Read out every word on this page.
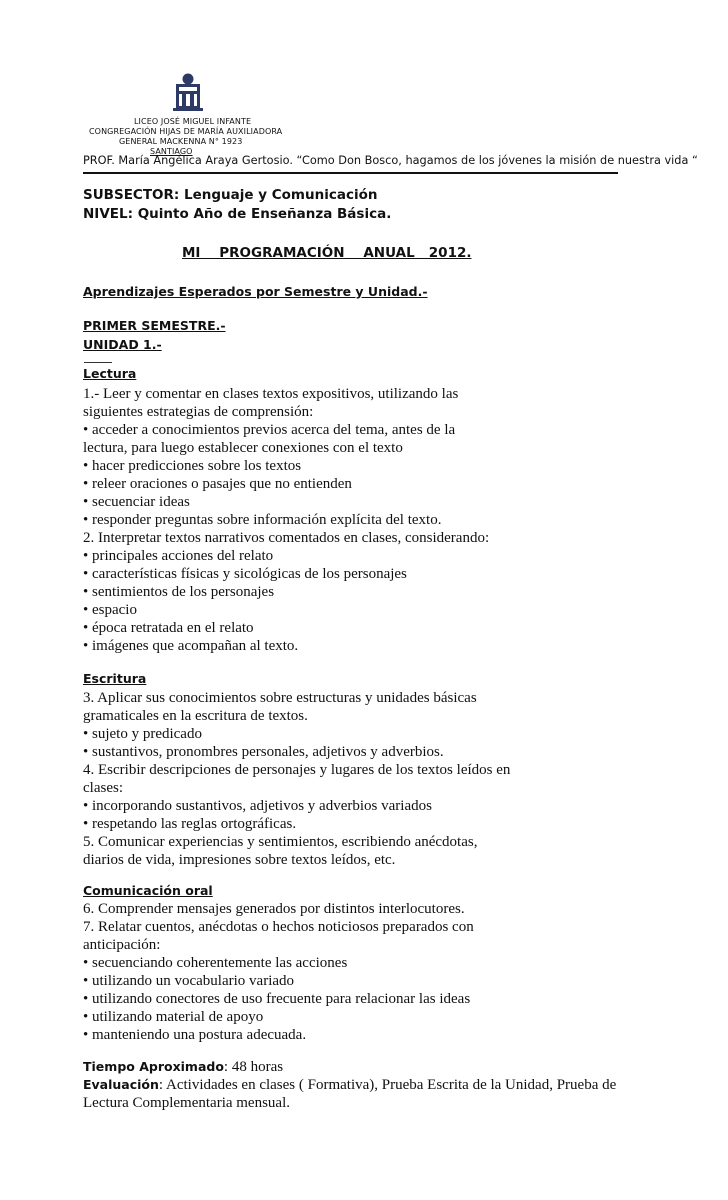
LICEO JOSÉ MIGUEL INFANTE
CONGREGACIÓN HIJAS DE MARÍA AUXILIADORA
GENERAL MACKENNA N° 1923
SANTIAGO
PROF. María Angélica Araya Gertosio. “Como Don Bosco, hagamos de los jóvenes la misión de nuestra vida “
SUBSECTOR: Lenguaje y Comunicación
NIVEL: Quinto Año de Enseñanza Básica.
MI    PROGRAMACIÓN    ANUAL   2012.
Aprendizajes Esperados por Semestre y Unidad.-
PRIMER SEMESTRE.-
UNIDAD 1.-
Lectura
1.- Leer y comentar en clases textos expositivos, utilizando las
siguientes estrategias de comprensión:
• acceder a conocimientos previos acerca del tema, antes de la
lectura, para luego establecer conexiones con el texto
• hacer predicciones sobre los textos
• releer oraciones o pasajes que no entienden
• secuenciar ideas
• responder preguntas sobre información explícita del texto.
2. Interpretar textos narrativos comentados en clases, considerando:
• principales acciones del relato
• características físicas y sicológicas de los personajes
• sentimientos de los personajes
• espacio
• época retratada en el relato
• imágenes que acompañan al texto.
Escritura
3. Aplicar sus conocimientos sobre estructuras y unidades básicas
gramaticales en la escritura de textos.
• sujeto y predicado
• sustantivos, pronombres personales, adjetivos y adverbios.
4. Escribir descripciones de personajes y lugares de los textos leídos en
clases:
• incorporando sustantivos, adjetivos y adverbios variados
• respetando las reglas ortográficas.
5. Comunicar experiencias y sentimientos, escribiendo anécdotas,
diarios de vida, impresiones sobre textos leídos, etc.
Comunicación oral
6. Comprender mensajes generados por distintos interlocutores.
7. Relatar cuentos, anécdotas o hechos noticiosos preparados con
anticipación:
• secuenciando coherentemente las acciones
• utilizando un vocabulario variado
• utilizando conectores de uso frecuente para relacionar las ideas
• utilizando material de apoyo
• manteniendo una postura adecuada.
Tiempo Aproximado: 48 horas
Evaluación: Actividades en clases ( Formativa), Prueba Escrita de la Unidad, Prueba de
Lectura Complementaria mensual.
